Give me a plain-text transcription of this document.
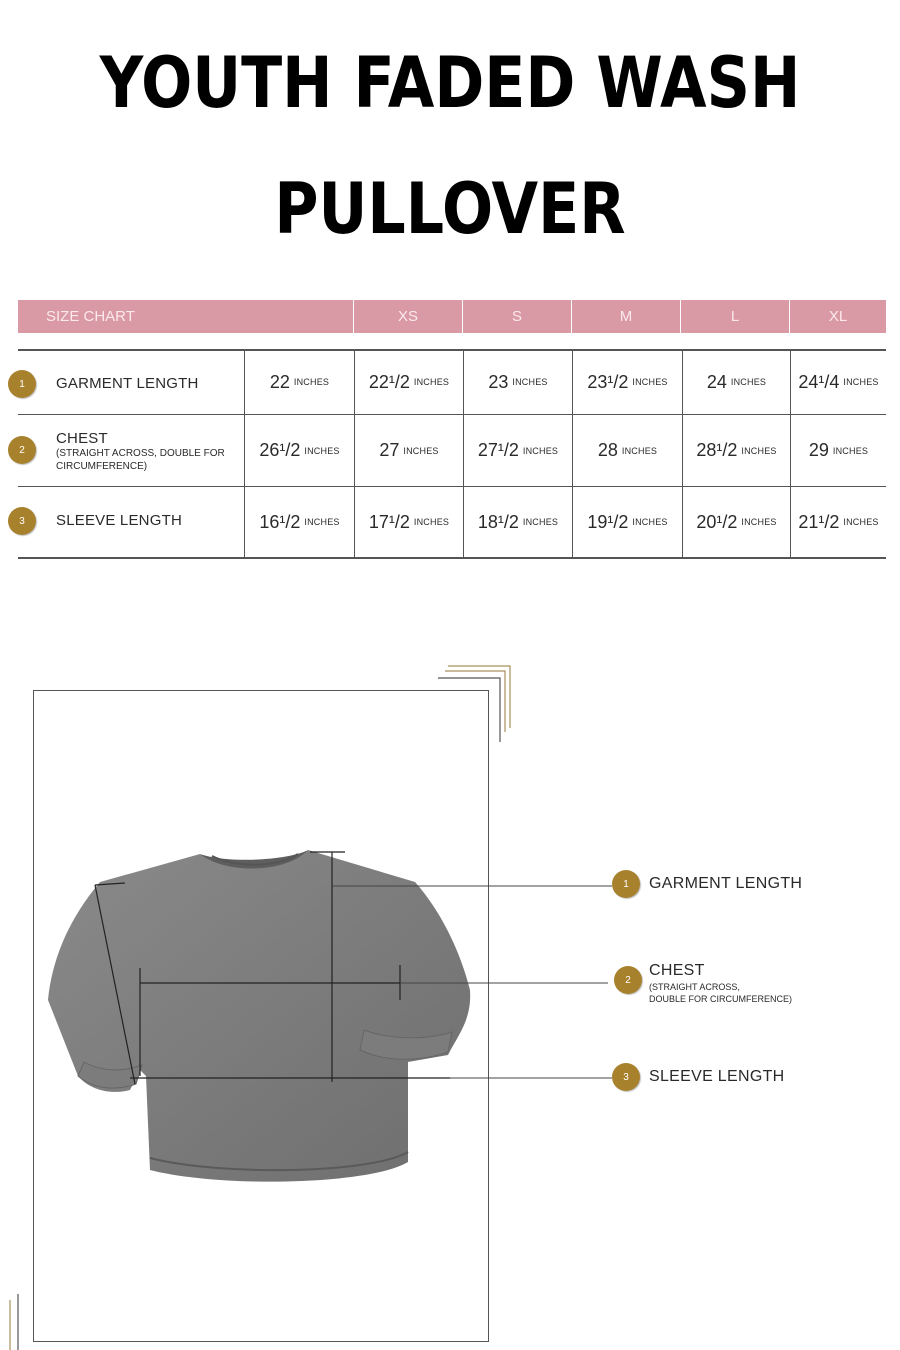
YOUTH FADED WASH
PULLOVER
SIZE CHART	XS	S	M	L	XL
1	GARMENT LENGTH	22 INCHES 22¹/2 INCHES 23 INCHES 23¹/2 INCHES 24 INCHES 24¹/4 INCHES
2
CHEST
(STRAIGHT ACROSS, DOUBLE FOR CIRCUMFERENCE)
26¹/2 INCHES 27 INCHES 27¹/2 INCHES 28 INCHES 28¹/2 INCHES 29 INCHES
3	SLEEVE LENGTH	16¹/2 INCHES 17¹/2 INCHES 18¹/2 INCHES 19¹/2 INCHES 20¹/2 INCHES 21¹/2 INCHES
1	GARMENT LENGTH
2
CHEST
(STRAIGHT ACROSS,
DOUBLE FOR CIRCUMFERENCE)
3	SLEEVE LENGTH
